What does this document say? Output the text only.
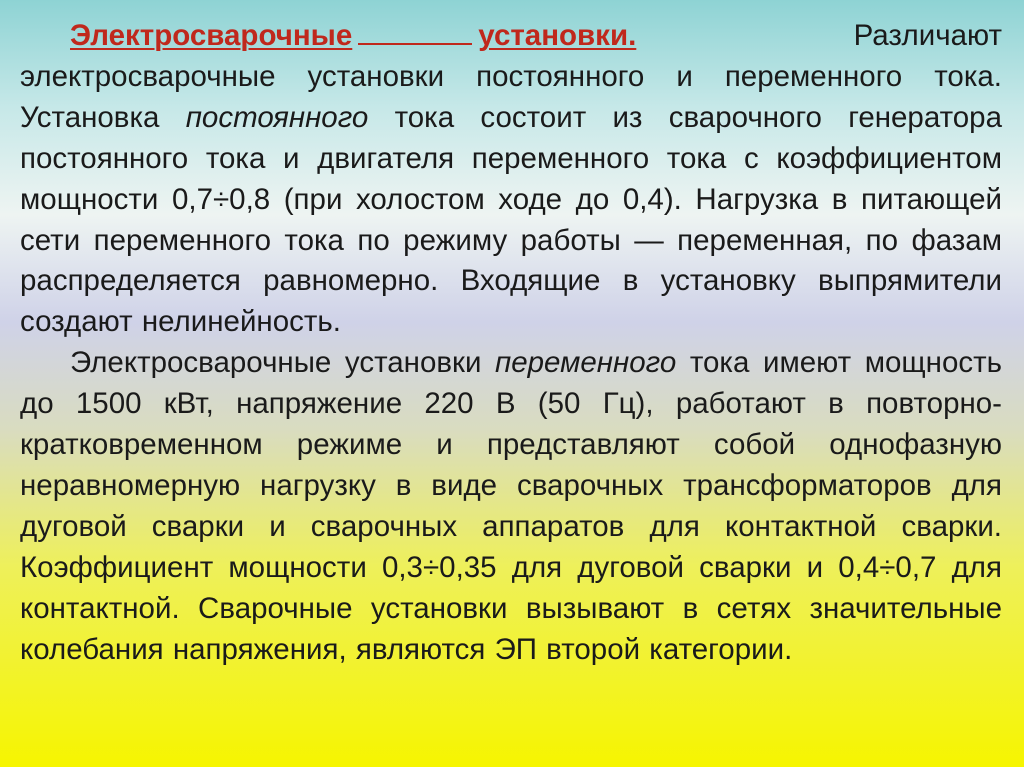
Электросварочные	установки. Различают электросварочные установки постоянного и переменного тока. Установка постоянного тока состоит из сварочного генератора постоянного тока и двигателя переменного тока с коэффициентом мощности 0,7÷0,8 (при холостом ходе до 0,4). Нагрузка в питающей сети переменного тока по режиму работы — переменная, по фазам распределяется равномерно. Входящие в установку выпрямители создают нелинейность.

Электросварочные установки переменного тока имеют мощность до 1500 кВт, напряжение 220 В (50 Гц), работают в повторно-кратковременном режиме и представляют собой однофазную неравномерную нагрузку в виде сварочных трансформаторов для дуговой сварки и сварочных аппаратов для контактной сварки. Коэффициент мощности 0,3÷0,35 для дуговой сварки и 0,4÷0,7 для контактной. Сварочные установки вызывают в сетях значительные колебания напряжения, являются ЭП второй категории.
